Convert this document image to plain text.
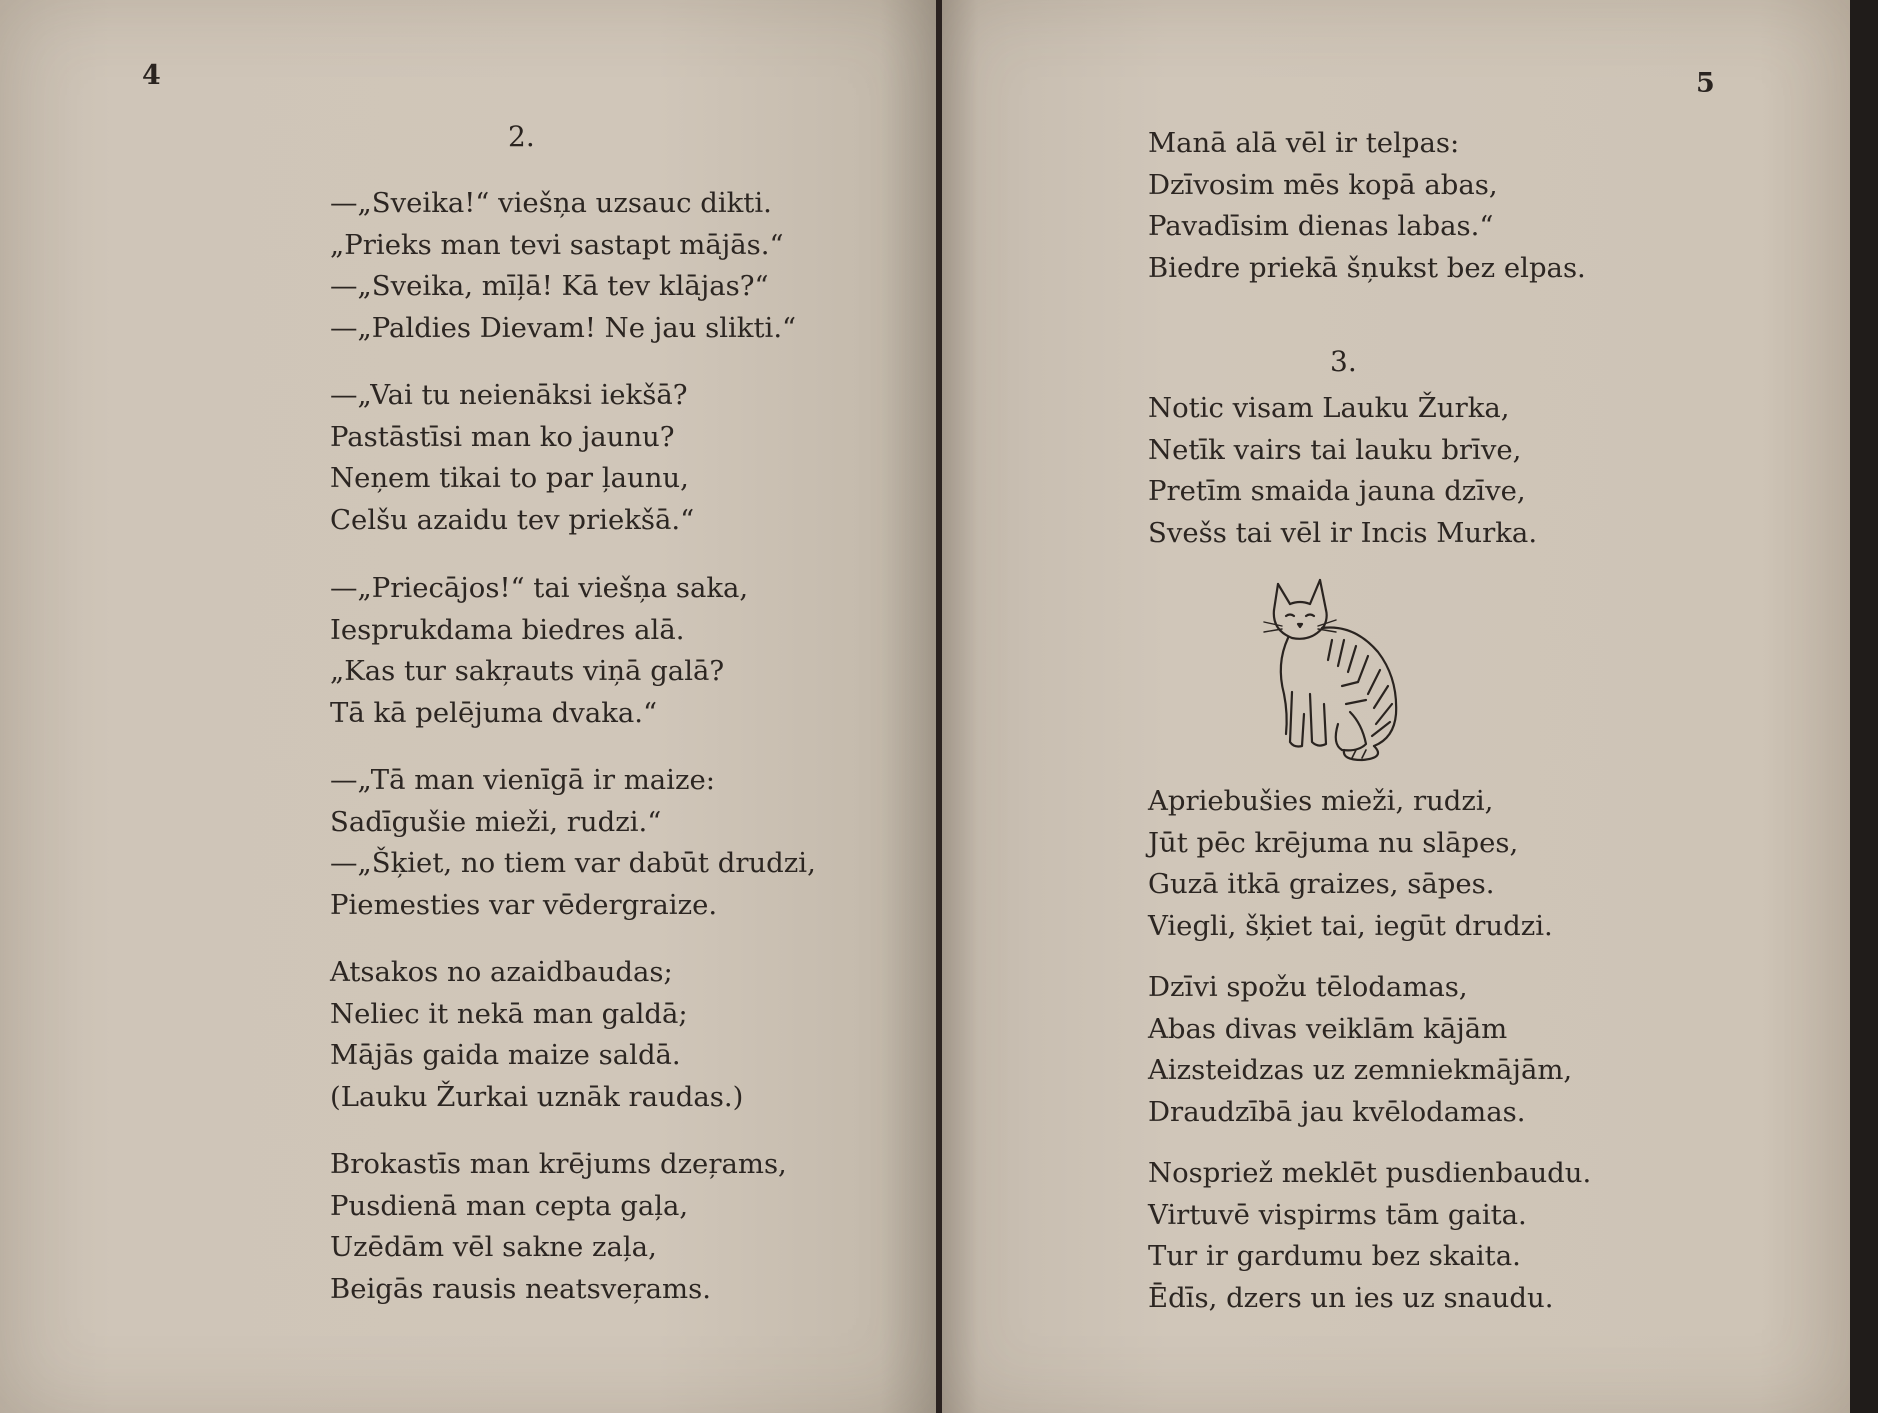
4
2.
—„Sveika!“ viešņa uzsauc dikti.
„Prieks man tevi sastapt mājās.“
—„Sveika, mīļā! Kā tev klājas?“
—„Paldies Dievam! Ne jau slikti.“
—„Vai tu neienāksi iekšā?
Pastāstīsi man ko jaunu?
Neņem tikai to par ļaunu,
Celšu azaidu tev priekšā.“
—„Priecājos!“ tai viešņa saka,
Iesprukdama biedres alā.
„Kas tur sakŗauts viņā galā?
Tā kā pelējuma dvaka.“
—„Tā man vienīgā ir maize:
Sadīgušie mieži, rudzi.“
—„Šķiet, no tiem var dabūt drudzi,
Piemesties var vēdergraize.
Atsakos no azaidbaudas;
Neliec it nekā man galdā;
Mājās gaida maize saldā.
(Lauku Žurkai uznāk raudas.)
Brokastīs man krējums dzeŗams,
Pusdienā man cepta gaļa,
Uzēdām vēl sakne zaļa,
Beigās rausis neatsveŗams.
5
Manā alā vēl ir telpas:
Dzīvosim mēs kopā abas,
Pavadīsim dienas labas.“
Biedre priekā šņukst bez elpas.
3.
Notic visam Lauku Žurka,
Netīk vairs tai lauku brīve,
Pretīm smaida jauna dzīve,
Svešs tai vēl ir Incis Murka.
Apriebušies mieži, rudzi,
Jūt pēc krējuma nu slāpes,
Guzā itkā graizes, sāpes.
Viegli, šķiet tai, iegūt drudzi.
Dzīvi spožu tēlodamas,
Abas divas veiklām kājām
Aizsteidzas uz zemniekmājām,
Draudzībā jau kvēlodamas.
Nospriež meklēt pusdienbaudu.
Virtuvē vispirms tām gaita.
Tur ir gardumu bez skaita.
Ēdīs, dzers un ies uz snaudu.
